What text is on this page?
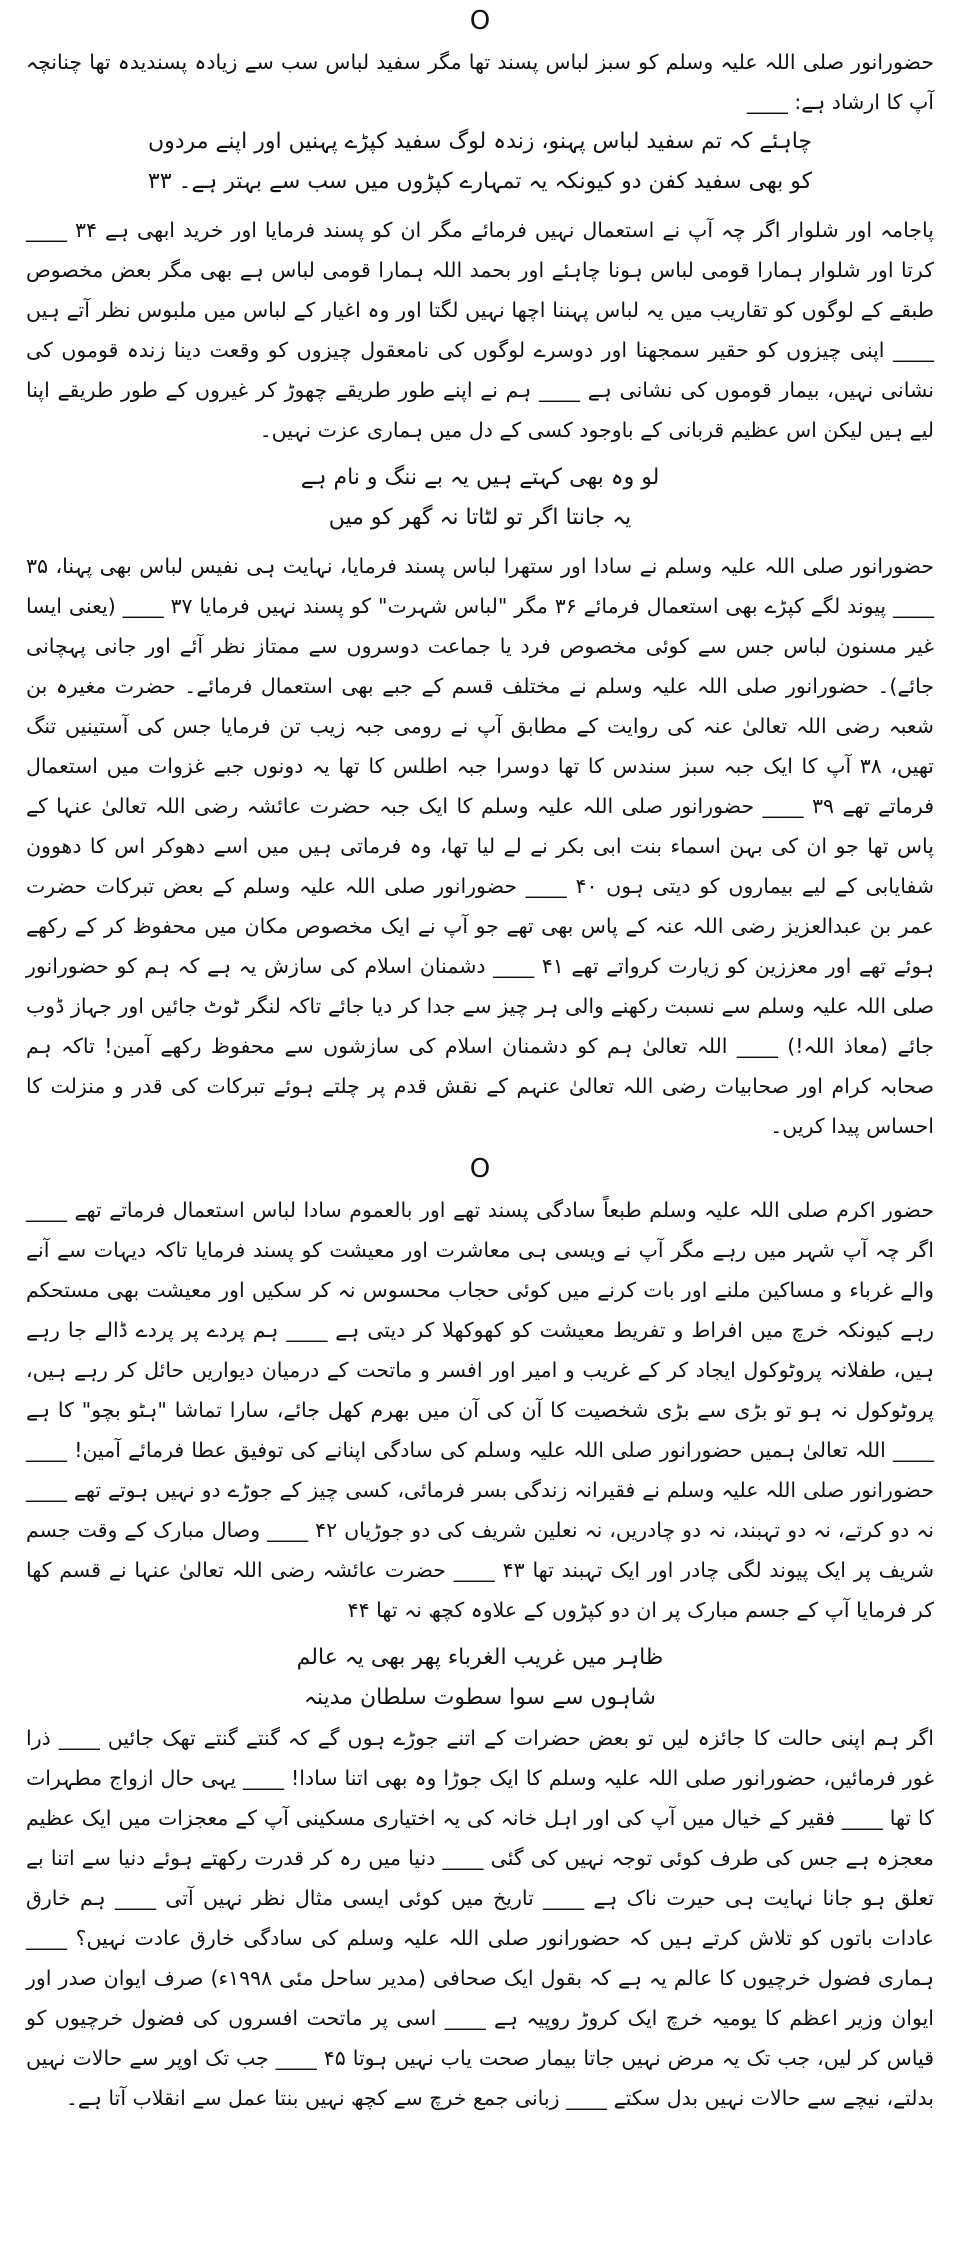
O

حضورانور صلی اللہ علیہ وسلم کو سبز لباس پسند تھا مگر سفید لباس سب سے زیادہ پسندیدہ تھا چنانچہ آپ کا ارشاد ہے: ____

چاہئے کہ تم سفید لباس پہنو، زندہ لوگ سفید کپڑے پہنیں اور اپنے مردوں

کو بھی سفید کفن دو کیونکہ یہ تمہارے کپڑوں میں سب سے بہتر ہے۔ ۳۳

پاجامہ اور شلوار اگر چہ آپ نے استعمال نہیں فرمائے مگر ان کو پسند فرمایا اور خرید ابھی ہے ۳۴ ____ کرتا اور شلوار ہمارا قومی لباس ہونا چاہئے اور بحمد اللہ ہمارا قومی لباس ہے بھی مگر بعض مخصوص طبقے کے لوگوں کو تقاریب میں یہ لباس پہننا اچھا نہیں لگتا اور وہ اغیار کے لباس میں ملبوس نظر آتے ہیں ____ اپنی چیزوں کو حقیر سمجھنا اور دوسرے لوگوں کی نامعقول چیزوں کو وقعت دینا زندہ قوموں کی نشانی نہیں، بیمار قوموں کی نشانی ہے ____ ہم نے اپنے طور طریقے چھوڑ کر غیروں کے طور طریقے اپنا لیے ہیں لیکن اس عظیم قربانی کے باوجود کسی کے دل میں ہماری عزت نہیں۔

لو وہ بھی کہتے ہیں یہ بے ننگ و نام ہے

یہ جانتا اگر تو لٹاتا نہ گھر کو میں

حضورانور صلی اللہ علیہ وسلم نے سادا اور ستھرا لباس پسند فرمایا، نہایت ہی نفیس لباس بھی پہنا، ۳۵ ____ پیوند لگے کپڑے بھی استعمال فرمائے ۳۶ مگر "لباس شہرت" کو پسند نہیں فرمایا ۳۷ ____ (یعنی ایسا غیر مسنون لباس جس سے کوئی مخصوص فرد یا جماعت دوسروں سے ممتاز نظر آئے اور جانی پہچانی جائے)۔ حضورانور صلی اللہ علیہ وسلم نے مختلف قسم کے جبے بھی استعمال فرمائے۔ حضرت مغیرہ بن شعبہ رضی اللہ تعالیٰ عنہ کی روایت کے مطابق آپ نے رومی جبہ زیب تن فرمایا جس کی آستینیں تنگ تھیں، ۳۸ آپ کا ایک جبہ سبز سندس کا تھا دوسرا جبہ اطلس کا تھا یہ دونوں جبے غزوات میں استعمال فرماتے تھے ۳۹ ____ حضورانور صلی اللہ علیہ وسلم کا ایک جبہ حضرت عائشہ رضی اللہ تعالیٰ عنہا کے پاس تھا جو ان کی بہن اسماء بنت ابی بکر نے لے لیا تھا، وہ فرماتی ہیں میں اسے دھوکر اس کا دھوون شفایابی کے لیے بیماروں کو دیتی ہوں ۴۰ ____ حضورانور صلی اللہ علیہ وسلم کے بعض تبرکات حضرت عمر بن عبدالعزیز رضی اللہ عنہ کے پاس بھی تھے جو آپ نے ایک مخصوص مکان میں محفوظ کر کے رکھے ہوئے تھے اور معززین کو زیارت کرواتے تھے ۴۱ ____ دشمنان اسلام کی سازش یہ ہے کہ ہم کو حضورانور صلی اللہ علیہ وسلم سے نسبت رکھنے والی ہر چیز سے جدا کر دیا جائے تاکہ لنگر ٹوٹ جائیں اور جہاز ڈوب جائے (معاذ اللہ!) ____ اللہ تعالیٰ ہم کو دشمنان اسلام کی سازشوں سے محفوظ رکھے آمین! تاکہ ہم صحابہ کرام اور صحابیات رضی اللہ تعالیٰ عنہم کے نقش قدم پر چلتے ہوئے تبرکات کی قدر و منزلت کا احساس پیدا کریں۔

O

حضور اکرم صلی اللہ علیہ وسلم طبعاً سادگی پسند تھے اور بالعموم سادا لباس استعمال فرماتے تھے ____ اگر چہ آپ شہر میں رہے مگر آپ نے ویسی ہی معاشرت اور معیشت کو پسند فرمایا تاکہ دیہات سے آنے والے غرباء و مساکین ملنے اور بات کرنے میں کوئی حجاب محسوس نہ کر سکیں اور معیشت بھی مستحکم رہے کیونکہ خرچ میں افراط و تفریط معیشت کو کھوکھلا کر دیتی ہے ____ ہم پردے پر پردے ڈالے جا رہے ہیں، طفلانہ پروٹوکول ایجاد کر کے غریب و امیر اور افسر و ماتحت کے درمیان دیواریں حائل کر رہے ہیں، پروٹوکول نہ ہو تو بڑی سے بڑی شخصیت کا آن کی آن میں بھرم کھل جائے، سارا تماشا "ہٹو بچو" کا ہے ____ اللہ تعالیٰ ہمیں حضورانور صلی اللہ علیہ وسلم کی سادگی اپنانے کی توفیق عطا فرمائے آمین! ____ حضورانور صلی اللہ علیہ وسلم نے فقیرانہ زندگی بسر فرمائی، کسی چیز کے جوڑے دو نہیں ہوتے تھے ____ نہ دو کرتے، نہ دو تہبند، نہ دو چادریں، نہ نعلین شریف کی دو جوڑیاں ۴۲ ____ وصال مبارک کے وقت جسم شریف پر ایک پیوند لگی چادر اور ایک تہبند تھا ۴۳ ____ حضرت عائشہ رضی اللہ تعالیٰ عنہا نے قسم کھا کر فرمایا آپ کے جسم مبارک پر ان دو کپڑوں کے علاوہ کچھ نہ تھا ۴۴

ظاہر میں غریب الغرباء پھر بھی یہ عالم

شاہوں سے سوا سطوت سلطان مدینہ

اگر ہم اپنی حالت کا جائزہ لیں تو بعض حضرات کے اتنے جوڑے ہوں گے کہ گنتے گنتے تھک جائیں ____ ذرا غور فرمائیں، حضورانور صلی اللہ علیہ وسلم کا ایک جوڑا وہ بھی اتنا سادا! ____ یہی حال ازواج مطہرات کا تھا ____ فقیر کے خیال میں آپ کی اور اہل خانہ کی یہ اختیاری مسکینی آپ کے معجزات میں ایک عظیم معجزہ ہے جس کی طرف کوئی توجہ نہیں کی گئی ____ دنیا میں رہ کر قدرت رکھتے ہوئے دنیا سے اتنا بے تعلق ہو جانا نہایت ہی حیرت ناک ہے ____ تاریخ میں کوئی ایسی مثال نظر نہیں آتی ____ ہم خارق عادات باتوں کو تلاش کرتے ہیں کہ حضورانور صلی اللہ علیہ وسلم کی سادگی خارق عادت نہیں؟ ____ ہماری فضول خرچیوں کا عالم یہ ہے کہ بقول ایک صحافی (مدیر ساحل مئی ۱۹۹۸ء) صرف ایوان صدر اور ایوان وزیر اعظم کا یومیہ خرچ ایک کروڑ روپیہ ہے ____ اسی پر ماتحت افسروں کی فضول خرچیوں کو قیاس کر لیں، جب تک یہ مرض نہیں جاتا بیمار صحت یاب نہیں ہوتا ۴۵ ____ جب تک اوپر سے حالات نہیں بدلتے، نیچے سے حالات نہیں بدل سکتے ____ زبانی جمع خرچ سے کچھ نہیں بنتا عمل سے انقلاب آتا ہے۔
